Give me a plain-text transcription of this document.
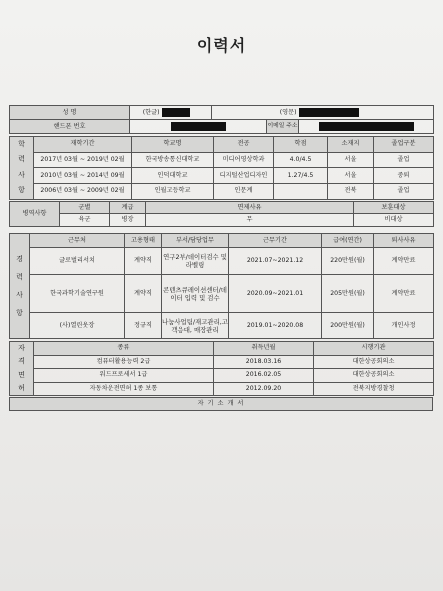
이력서
성 명	(한글)			(영문)	
핸드폰 번호				이메일 주소	
학
력
사
항	재학기간	학교명	전공	학점	소재지	졸업구분
	2017년 03월 ~ 2019년 02월	한국방송통신대학교	미디어영상학과	4.0/4.5	서울	졸업
	2010년 03월 ~ 2014년 09월	인덕대학교	디지털산업디자인	1.27/4.5	서울	중퇴
	2006년 03월 ~ 2009년 02월	인월고등학교	인문계		전북	졸업
병역사항	군별	계급	면제사유	보훈대상
	육군	병장	무	비대상
경
력
사
항	근무처	고용형태	부서/담당업무	근무기간	급여(연간)	퇴사사유
	글로벌리서치	계약직	연구2부/데이터검수 및 라벨링	2021.07~2021.12	220만원(월)	계약만료
	한국과학기술연구원	계약직	콘텐츠큐레이션센터/데이터 입력 및 검수	2020.09~2021.01	205만원(월)	계약만료
	(사)열린웃장	정규직	나눔사업팀/재고관리,고객응대, 매장관리	2019.01~2020.08	200만원(월)	개인사정
자
격
면
허	종류	취득년월	시행기관
	컴퓨터활용능력 2급	2018.03.16	대한상공회의소
	워드프로세서 1급	2016.02.05	대한상공회의소
	자동차운전면허 1종 보통	2012.09.20	전북지방경찰청
자 기 소 개 서
